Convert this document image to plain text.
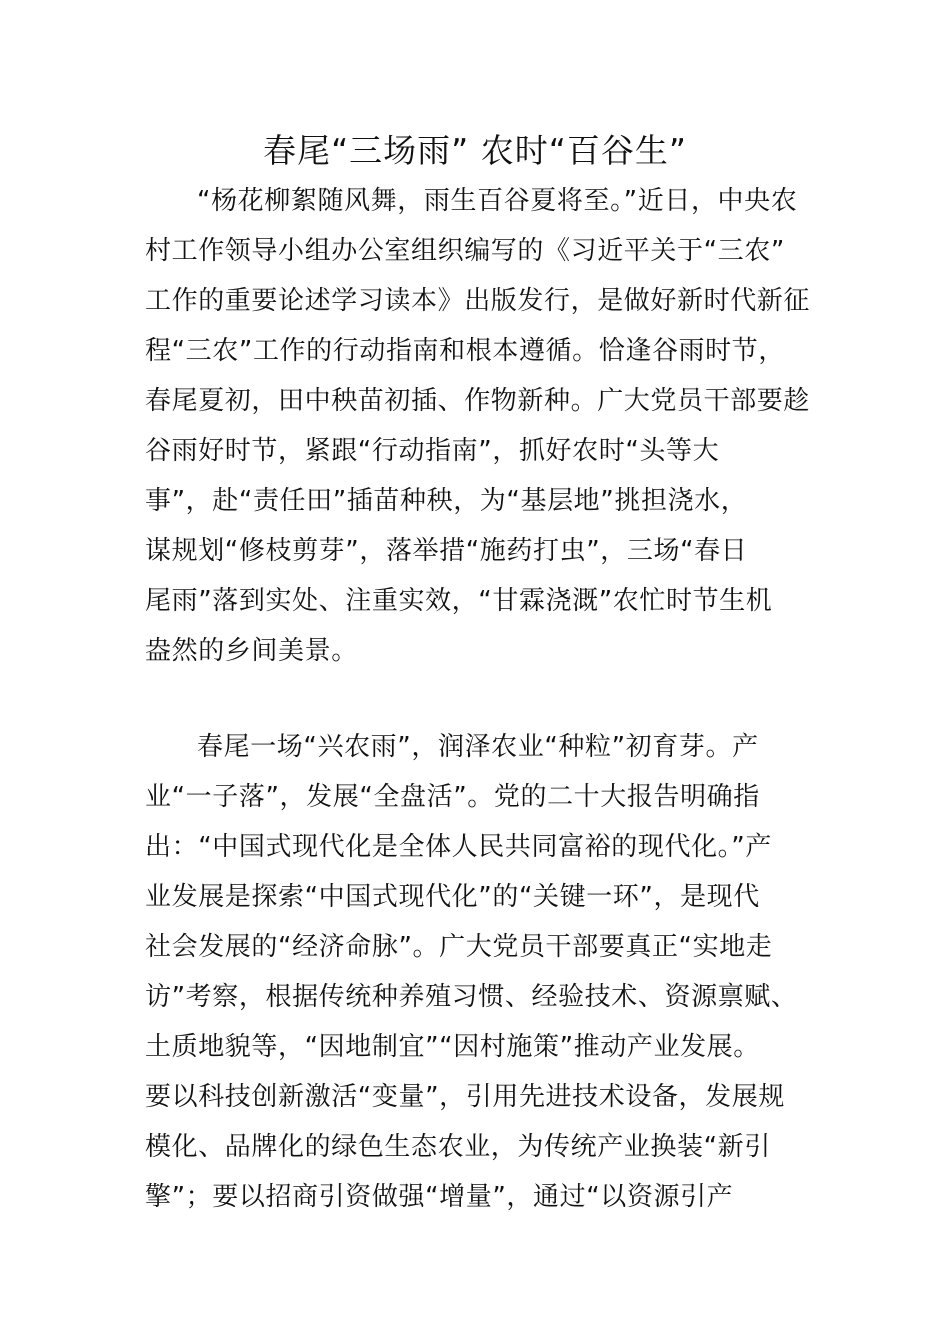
春尾“三场雨” 农时“百谷生”
“杨花柳絮随风舞，雨生百谷夏将至。”近日，中央农
村工作领导小组办公室组织编写的《习近平关于“三农”
工作的重要论述学习读本》出版发行，是做好新时代新征
程“三农”工作的行动指南和根本遵循。恰逢谷雨时节，
春尾夏初，田中秧苗初插、作物新种。广大党员干部要趁
谷雨好时节，紧跟“行动指南”，抓好农时“头等大
事”，赴“责任田”插苗种秧，为“基层地”挑担浇水，
谋规划“修枝剪芽”，落举措“施药打虫”，三场“春日
尾雨”落到实处、注重实效，“甘霖浇溉”农忙时节生机
盎然的乡间美景。
春尾一场“兴农雨”，润泽农业“种粒”初育芽。产
业“一子落”，发展“全盘活”。党的二十大报告明确指
出：“中国式现代化是全体人民共同富裕的现代化。”产
业发展是探索“中国式现代化”的“关键一环”，是现代
社会发展的“经济命脉”。广大党员干部要真正“实地走
访”考察，根据传统种养殖习惯、经验技术、资源禀赋、
土质地貌等，“因地制宜”“因村施策”推动产业发展。
要以科技创新激活“变量”，引用先进技术设备，发展规
模化、品牌化的绿色生态农业，为传统产业换装“新引
擎”；要以招商引资做强“增量”，通过“以资源引产
